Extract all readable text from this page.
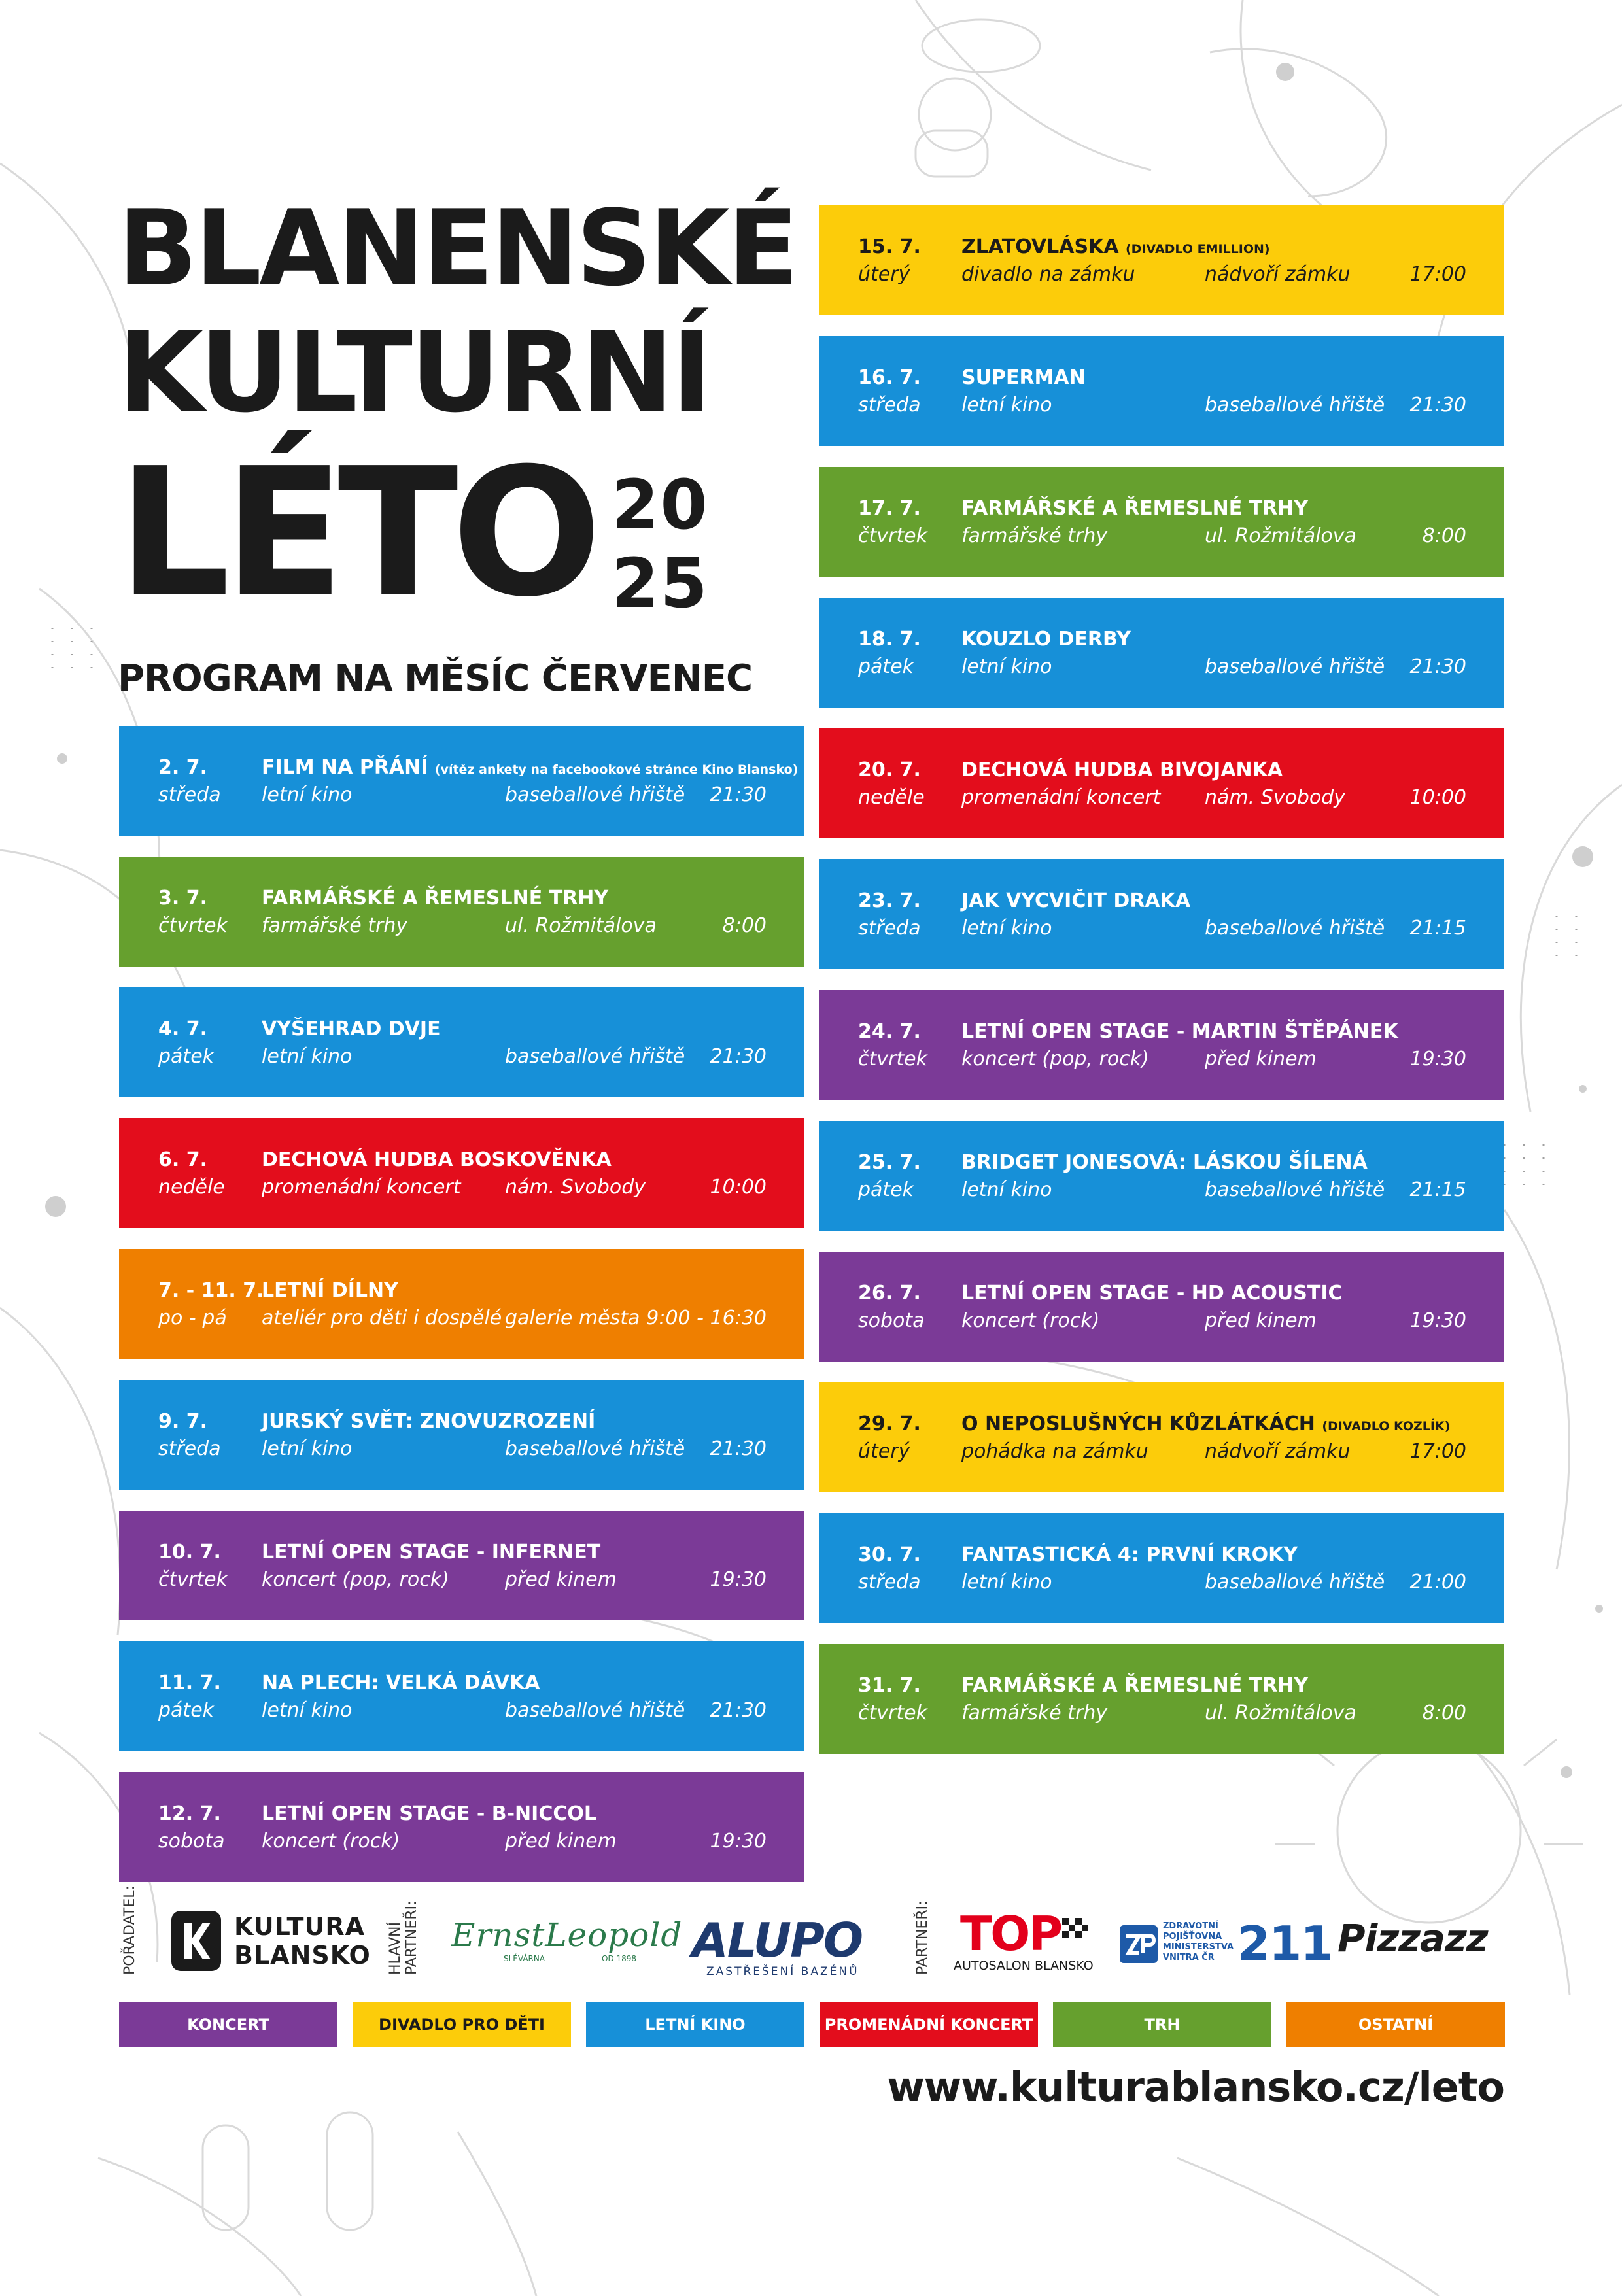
BLANENSKÉ
KULTURNÍ
LÉTO 20
25
PROGRAM NA MĚSÍC ČERVENEC
2. 7.
středa
FILM NA PŘÁNÍ (vítěz ankety na facebookové stránce Kino Blansko)
letní kino	baseballové hřiště 21:30
3. 7.
čtvrtek
FARMÁŘSKÉ A ŘEMESLNÉ TRHY
farmářské trhy	ul. Rožmitálova	8:00
4. 7.
pátek
VYŠEHRAD DVJE
letní kino	baseballové hřiště 21:30
6. 7.
neděle
DECHOVÁ HUDBA BOSKOVĚNKA
promenádní koncert nám. Svobody	10:00
7. - 11. 7.
po - pá
LETNÍ DÍLNY
ateliér pro děti i dospělé galerie města 9:00 - 16:30
9. 7.
středa
JURSKÝ SVĚT: ZNOVUZROZENÍ
letní kino	baseballové hřiště 21:30
10. 7.
čtvrtek
LETNÍ OPEN STAGE - INFERNET
koncert (pop, rock)	před kinem	19:30
11. 7.
pátek
NA PLECH: VELKÁ DÁVKA
letní kino	baseballové hřiště 21:30
12. 7.
sobota
LETNÍ OPEN STAGE - B-NICCOL
koncert (rock)	před kinem	19:30
15. 7.
úterý
ZLATOVLÁSKA (DIVADLO EMILLION)
divadlo na zámku	nádvoří zámku	17:00
16. 7.
středa
SUPERMAN
letní kino	baseballové hřiště 21:30
17. 7.
čtvrtek
FARMÁŘSKÉ A ŘEMESLNÉ TRHY
farmářské trhy	ul. Rožmitálova	8:00
18. 7.
pátek
KOUZLO DERBY
letní kino	baseballové hřiště 21:30
20. 7.
neděle
DECHOVÁ HUDBA BIVOJANKA
promenádní koncert nám. Svobody	10:00
23. 7.
středa
JAK VYCVIČIT DRAKA
letní kino	baseballové hřiště 21:15
24. 7.
čtvrtek
LETNÍ OPEN STAGE - MARTIN ŠTĚPÁNEK
koncert (pop, rock)	před kinem	19:30
25. 7.
pátek
BRIDGET JONESOVÁ: LÁSKOU ŠÍLENÁ
letní kino	baseballové hřiště 21:15
26. 7.
sobota
LETNÍ OPEN STAGE - HD ACOUSTIC
koncert (rock)	před kinem	19:30
29. 7.
úterý
O NEPOSLUŠNÝCH KŮZLÁTKÁCH (DIVADLO KOZLÍK)
pohádka na zámku	nádvoří zámku	17:00
30. 7.
středa
FANTASTICKÁ 4: PRVNÍ KROKY
letní kino	baseballové hřiště 21:00
31. 7.
čtvrtek
FARMÁŘSKÉ A ŘEMESLNÉ TRHY
farmářské trhy	ul. Rožmitálova	8:00
POŘADATEL:	KULTURA
BLANSKO HLAVNÍ PARTNEŘI: ErnstLeopold
SLÉVÁRNA	OD 1898 ALUPO
ZASTŘEŠENÍ BAZÉNŮ	PARTNEŘI: TOP
AUTOSALON BLANSKO
ZDRAVOTNÍ
POJIŠŤOVNA
MINISTERSTVA
VNITRA ČR 211 Pizzazz
KONCERT	DIVADLO PRO DĚTI	LETNÍ KINO	PROMENÁDNÍ KONCERT	TRH	OSTATNÍ
www.kulturablansko.cz/leto
